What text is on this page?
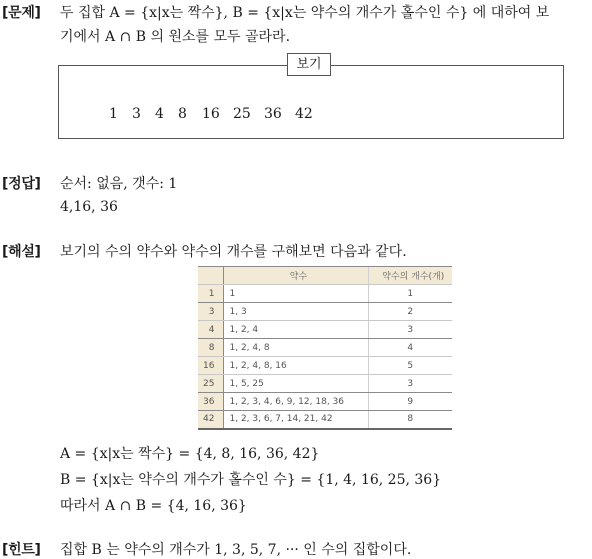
[문제] 두 집합 A = {x|x는 짝수}, B = {x|x는 약수의 개수가 홀수인 수} 에 대하여 보
기에서 A ∩ B 의 원소를 모두 골라라.
보기
1 3 4 8 16 25 36 42
[정답] 순서: 없음, 갯수: 1
4,16, 36
[해설] 보기의 수의 약수와 약수의 개수를 구해보면 다음과 같다.
	약수	약수의 개수(개)
1	1	1
3	1, 3	2
4	1, 2, 4	3
8	1, 2, 4, 8	4
16	1, 2, 4, 8, 16	5
25	1, 5, 25	3
36	1, 2, 3, 4, 6, 9, 12, 18, 36	9
42	1, 2, 3, 6, 7, 14, 21, 42	8
A = {x|x는 짝수} = {4, 8, 16, 36, 42}
B = {x|x는 약수의 개수가 홀수인 수} = {1, 4, 16, 25, 36}
따라서 A ∩ B = {4, 16, 36}
[힌트] 집합 B 는 약수의 개수가 1, 3, 5, 7, ··· 인 수의 집합이다.
